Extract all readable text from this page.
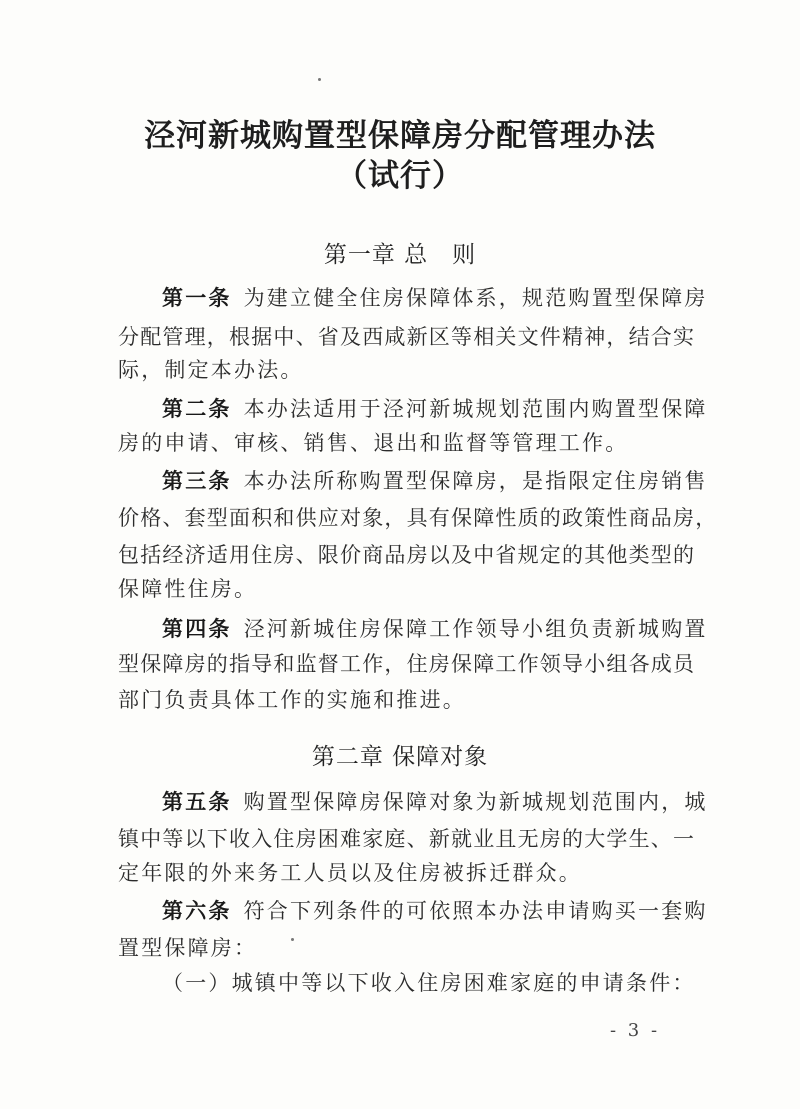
泾河新城购置型保障房分配管理办法
（试行）
第一章 总　则
第一条 为建立健全住房保障体系，规范购置型保障房
分配管理，根据中、省及西咸新区等相关文件精神，结合实
际，制定本办法。
第二条 本办法适用于泾河新城规划范围内购置型保障
房的申请、审核、销售、退出和监督等管理工作。
第三条 本办法所称购置型保障房，是指限定住房销售
价格、套型面积和供应对象，具有保障性质的政策性商品房，
包括经济适用住房、限价商品房以及中省规定的其他类型的
保障性住房。
第四条 泾河新城住房保障工作领导小组负责新城购置
型保障房的指导和监督工作，住房保障工作领导小组各成员
部门负责具体工作的实施和推进。
第二章 保障对象
第五条 购置型保障房保障对象为新城规划范围内，城
镇中等以下收入住房困难家庭、新就业且无房的大学生、一
定年限的外来务工人员以及住房被拆迁群众。
第六条 符合下列条件的可依照本办法申请购买一套购
置型保障房：
（一）城镇中等以下收入住房困难家庭的申请条件：
- 3 -
